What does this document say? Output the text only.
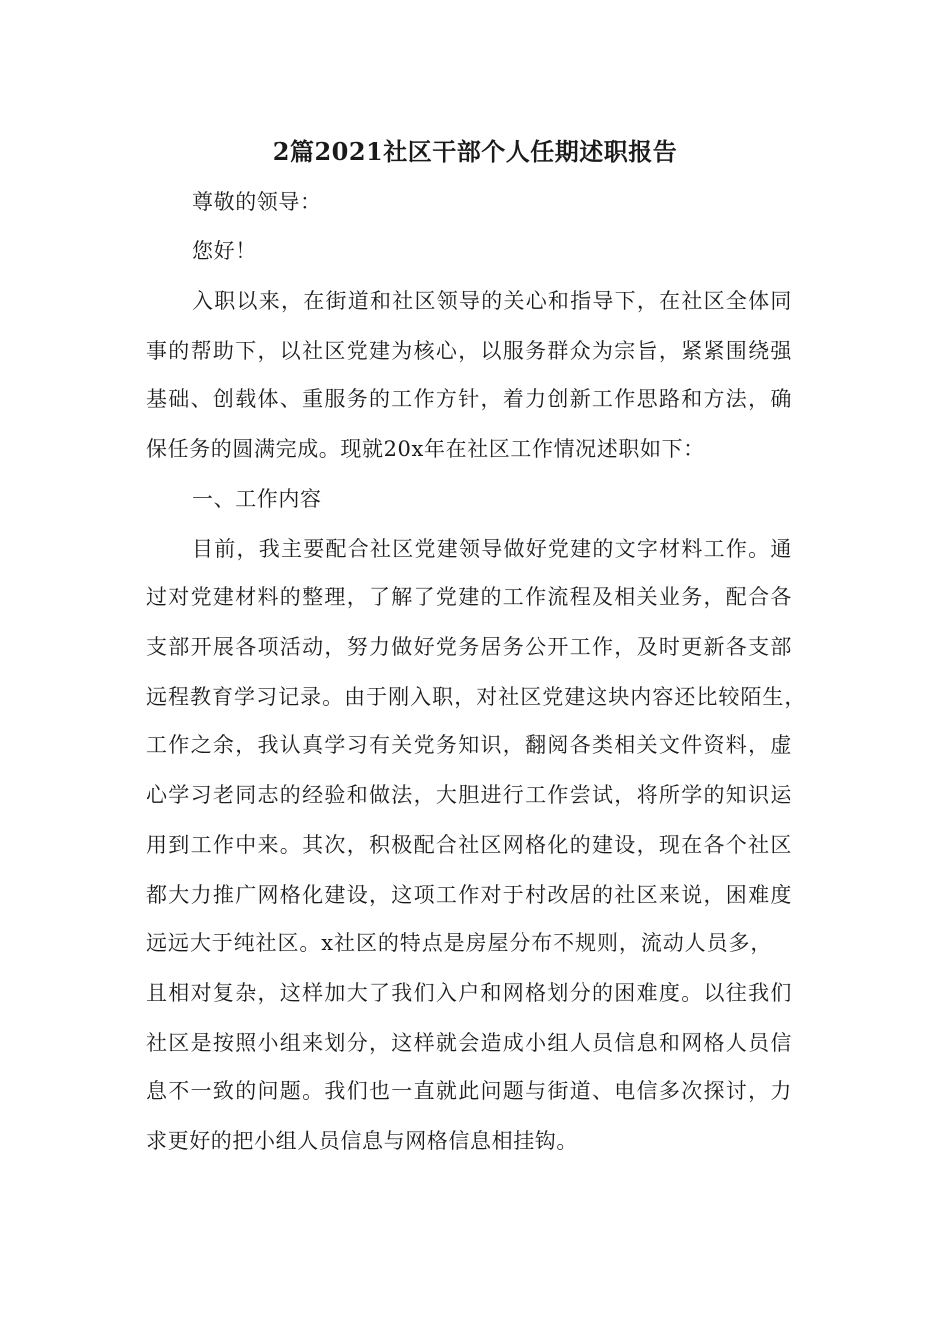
2篇2021社区干部个人任期述职报告
尊敬的领导：
您好！
入职以来，在街道和社区领导的关心和指导下，在社区全体同
事的帮助下，以社区党建为核心，以服务群众为宗旨，紧紧围绕强
基础、创载体、重服务的工作方针，着力创新工作思路和方法，确
保任务的圆满完成。现就20x年在社区工作情况述职如下：
一、工作内容
目前，我主要配合社区党建领导做好党建的文字材料工作。通
过对党建材料的整理，了解了党建的工作流程及相关业务，配合各
支部开展各项活动，努力做好党务居务公开工作，及时更新各支部
远程教育学习记录。由于刚入职，对社区党建这块内容还比较陌生，
工作之余，我认真学习有关党务知识，翻阅各类相关文件资料，虚
心学习老同志的经验和做法，大胆进行工作尝试，将所学的知识运
用到工作中来。其次，积极配合社区网格化的建设，现在各个社区
都大力推广网格化建设，这项工作对于村改居的社区来说，困难度
远远大于纯社区。x社区的特点是房屋分布不规则，流动人员多，
且相对复杂，这样加大了我们入户和网格划分的困难度。以往我们
社区是按照小组来划分，这样就会造成小组人员信息和网格人员信
息不一致的问题。我们也一直就此问题与街道、电信多次探讨，力
求更好的把小组人员信息与网格信息相挂钩。
